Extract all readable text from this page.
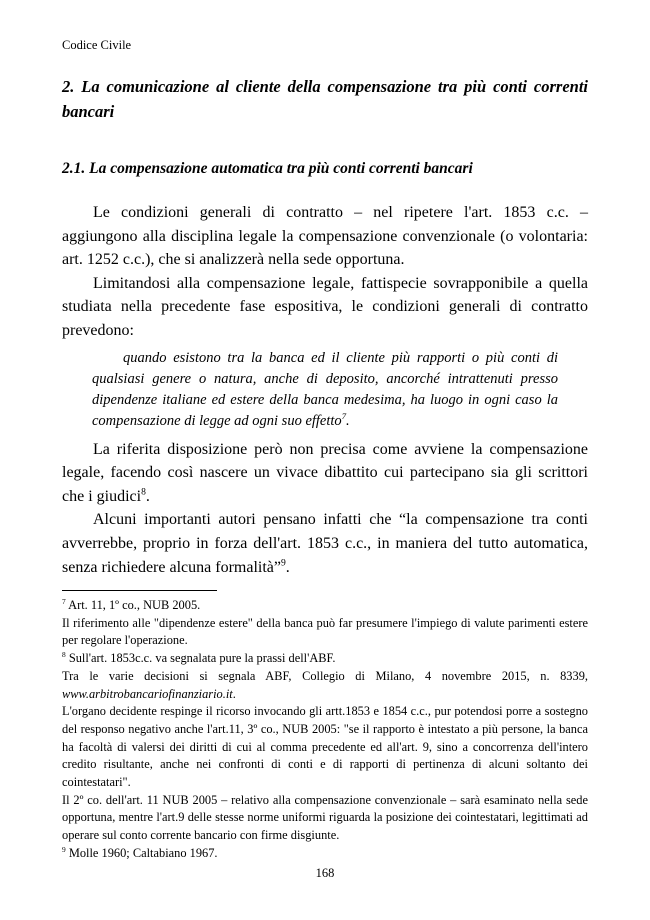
Codice Civile
2. La comunicazione al cliente della compensazione tra più conti correnti bancari
2.1. La compensazione automatica tra più conti correnti bancari

Le condizioni generali di contratto – nel ripetere l'art. 1853 c.c. – aggiungono alla disciplina legale la compensazione convenzionale (o volontaria: art. 1252 c.c.), che si analizzerà nella sede opportuna.

Limitandosi alla compensazione legale, fattispecie sovrapponibile a quella studiata nella precedente fase espositiva, le condizioni generali di contratto prevedono:

quando esistono tra la banca ed il cliente più rapporti o più conti di qualsiasi genere o natura, anche di deposito, ancorché intrattenuti presso dipendenze italiane ed estere della banca medesima, ha luogo in ogni caso la compensazione di legge ad ogni suo effetto$^7$.

La riferita disposizione però non precisa come avviene la compensazione legale, facendo così nascere un vivace dibattito cui partecipano sia gli scrittori che i giudici$^8$.

Alcuni importanti autori pensano infatti che “la compensazione tra conti avverrebbe, proprio in forza dell'art. 1853 c.c., in maniera del tutto automatica, senza richiedere alcuna formalità”$^9$.

$^7$ Art. 11, 1º co., NUB 2005.

Il riferimento alle "dipendenze estere" della banca può far presumere l'impiego di valute parimenti estere per regolare l'operazione.

$^8$ Sull'art. 1853c.c. va segnalata pure la prassi dell'ABF.

Tra le varie decisioni si segnala ABF, Collegio di Milano, 4 novembre 2015, n. 8339, www.arbitrobancariofinanziario.it.

L'organo decidente respinge il ricorso invocando gli artt.1853 e 1854 c.c., pur potendosi porre a sostegno del responso negativo anche l'art.11, 3º co., NUB 2005: "se il rapporto è intestato a più persone, la banca ha facoltà di valersi dei diritti di cui al comma precedente ed all'art. 9, sino a concorrenza dell'intero credito risultante, anche nei confronti di conti e di rapporti di pertinenza di alcuni soltanto dei cointestatari".

Il 2º co. dell'art. 11 NUB 2005 – relativo alla compensazione convenzionale – sarà esaminato nella sede opportuna, mentre l'art.9 delle stesse norme uniformi riguarda la posizione dei cointestatari, legittimati ad operare sul conto corrente bancario con firme disgiunte.

$^9$ Molle 1960; Caltabiano 1967.

168
